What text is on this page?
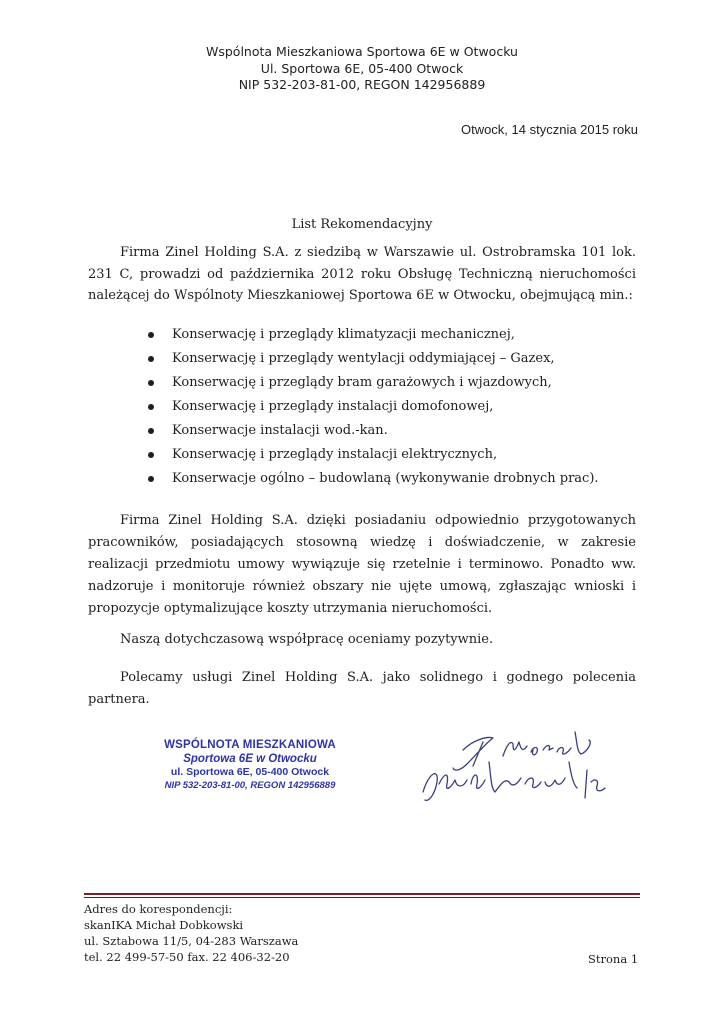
Wspólnota Mieszkaniowa Sportowa 6E w Otwocku
Ul. Sportowa 6E, 05-400 Otwock
NIP 532-203-81-00, REGON 142956889
Otwock, 14 stycznia 2015 roku
List Rekomendacyjny

Firma Zinel Holding S.A. z siedzibą w Warszawie ul. Ostrobramska 101 lok. 231 C, prowadzi od października 2012 roku Obsługę Techniczną nieruchomości należącej do Wspólnoty Mieszkaniowej Sportowa 6E w Otwocku, obejmującą min.:

Konserwację i przeglądy klimatyzacji mechanicznej,
Konserwację i przeglądy wentylacji oddymiającej – Gazex,
Konserwację i przeglądy bram garażowych i wjazdowych,
Konserwację i przeglądy instalacji domofonowej,
Konserwacje instalacji wod.-kan.
Konserwację i przeglądy instalacji elektrycznych,
Konserwacje ogólno – budowlaną (wykonywanie drobnych prac).

Firma Zinel Holding S.A. dzięki posiadaniu odpowiednio przygotowanych pracowników, posiadających stosowną wiedzę i doświadczenie, w zakresie realizacji przedmiotu umowy wywiązuje się rzetelnie i terminowo. Ponadto ww. nadzoruje i monitoruje również obszary nie ujęte umową, zgłaszając wnioski i propozycje optymalizujące koszty utrzymania nieruchomości.

Naszą dotychczasową współpracę oceniamy pozytywnie.

Polecamy usługi Zinel Holding S.A. jako solidnego i godnego polecenia partnera.

WSPÓLNOTA MIESZKANIOWA
Sportowa 6E w Otwocku
ul. Sportowa 6E, 05-400 Otwock
NIP 532-203-81-00, REGON 142956889
Adres do korespondencji:
skanIKA Michał Dobkowski
ul. Sztabowa 11/5, 04-283 Warszawa
tel. 22 499-57-50 fax. 22 406-32-20	Strona 1
